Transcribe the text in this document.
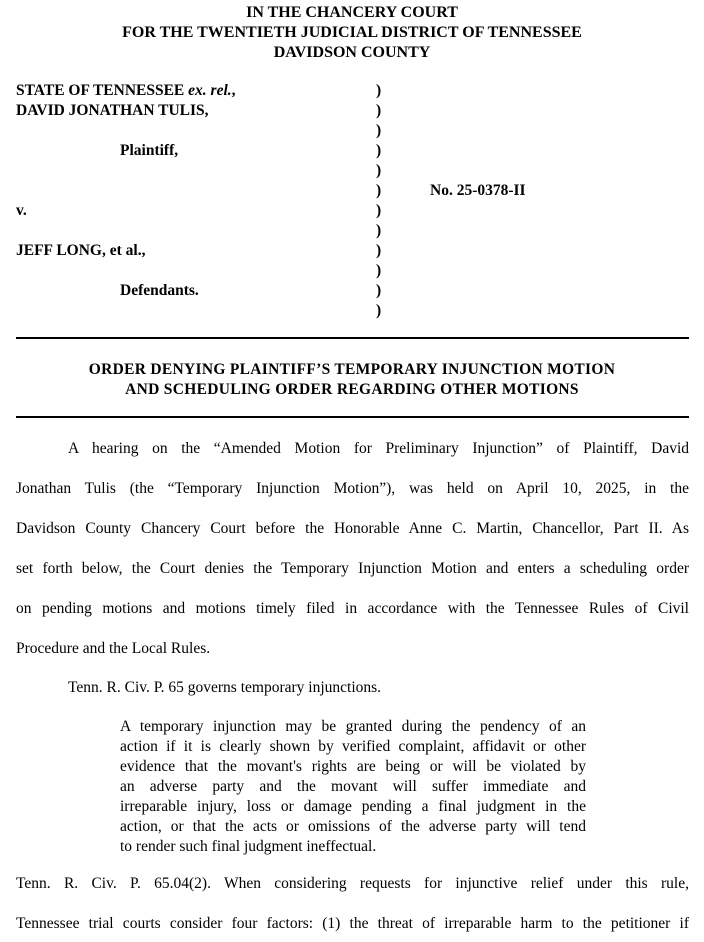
IN THE CHANCERY COURT
FOR THE TWENTIETH JUDICIAL DISTRICT OF TENNESSEE
DAVIDSON COUNTY
STATE OF TENNESSEE ex. rel.,
DAVID JONATHAN TULIS,
Plaintiff,
v.
JEFF LONG, et al.,
Defendants.
)
)
)
)
)
)
)
)
)
)
)
)
No. 25-0378-II
ORDER DENYING PLAINTIFF’S TEMPORARY INJUNCTION MOTION
AND SCHEDULING ORDER REGARDING OTHER MOTIONS
A hearing on the “Amended Motion for Preliminary Injunction” of Plaintiff, David
Jonathan Tulis (the “Temporary Injunction Motion”), was held on April 10, 2025, in the
Davidson County Chancery Court before the Honorable Anne C. Martin, Chancellor, Part II. As
set forth below, the Court denies the Temporary Injunction Motion and enters a scheduling order
on pending motions and motions timely filed in accordance with the Tennessee Rules of Civil
Procedure and the Local Rules.
Tenn. R. Civ. P. 65 governs temporary injunctions.
A temporary injunction may be granted during the pendency of an
action if it is clearly shown by verified complaint, affidavit or other
evidence that the movant's rights are being or will be violated by
an adverse party and the movant will suffer immediate and
irreparable injury, loss or damage pending a final judgment in the
action, or that the acts or omissions of the adverse party will tend
to render such final judgment ineffectual.
Tenn. R. Civ. P. 65.04(2). When considering requests for injunctive relief under this rule,
Tennessee trial courts consider four factors: (1) the threat of irreparable harm to the petitioner if
